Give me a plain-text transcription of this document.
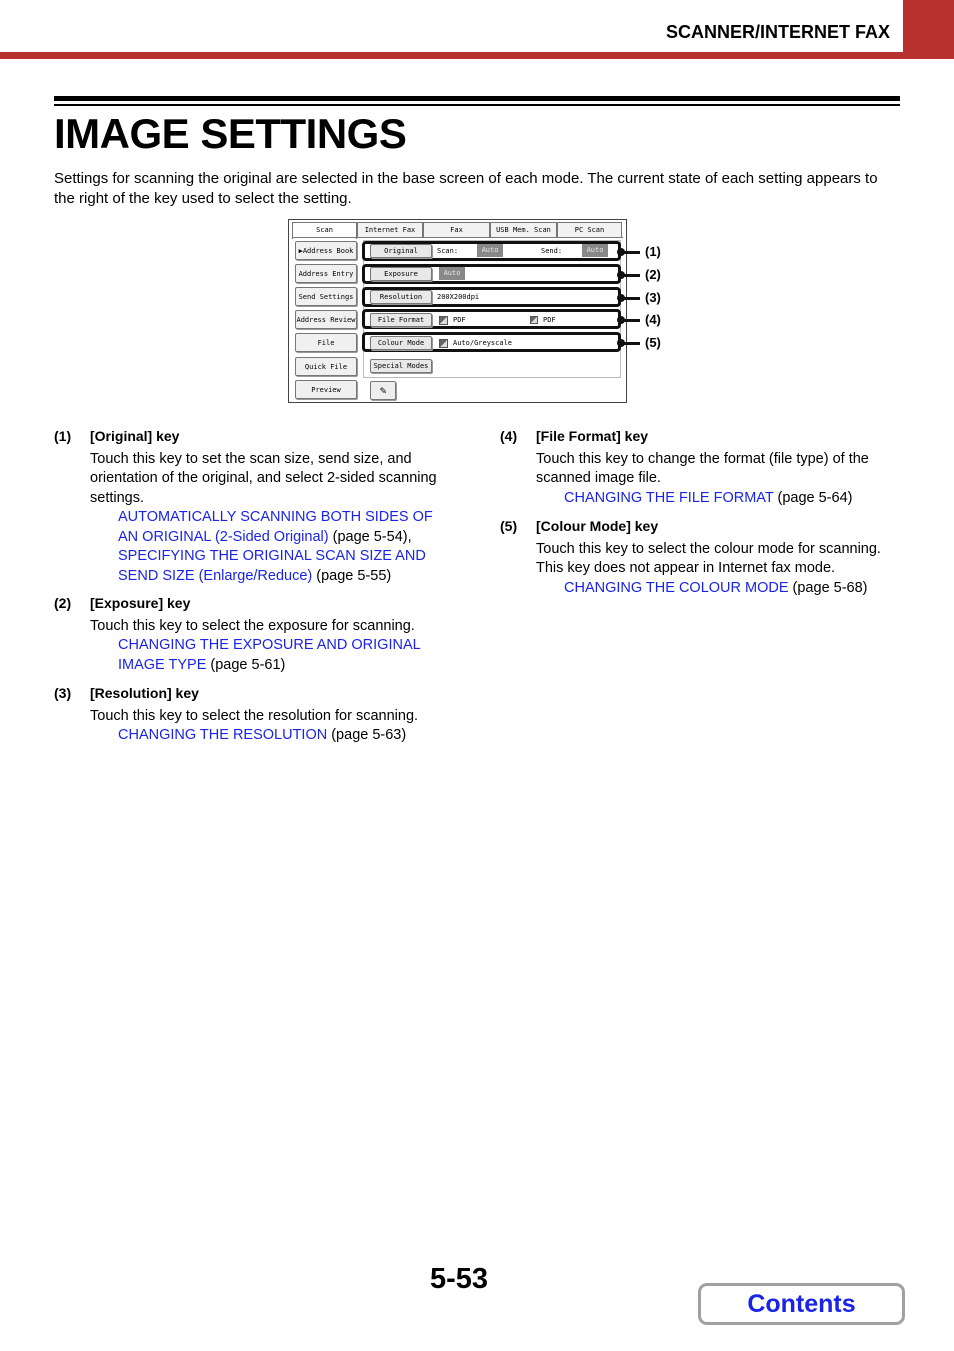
SCANNER/INTERNET FAX
IMAGE SETTINGS
Settings for scanning the original are selected in the base screen of each mode. The current state of each setting appears to the right of the key used to select the setting.
Scan	Internet Fax	Fax	USB Mem. Scan	PC Scan
▶Address Book
Address Entry
Send Settings
Address Review
File
Quick File
Preview
Original	Scan:	Auto	Send:	Auto
Exposure	Auto
Resolution	200X200dpi
File Format	PDF	PDF
Colour Mode	Auto/Greyscale
Special Modes
✎
(1)
(2)
(3)
(4)
(5)
(1) [Original] key
Touch this key to set the scan size, send size, and orientation of the original, and select 2-sided scanning settings.
AUTOMATICALLY SCANNING BOTH SIDES OF AN ORIGINAL (2-Sided Original) (page 5-54),
SPECIFYING THE ORIGINAL SCAN SIZE AND SEND SIZE (Enlarge/Reduce) (page 5-55)
(2) [Exposure] key
Touch this key to select the exposure for scanning.
CHANGING THE EXPOSURE AND ORIGINAL IMAGE TYPE (page 5-61)
(3) [Resolution] key
Touch this key to select the resolution for scanning.
CHANGING THE RESOLUTION (page 5-63)
(4) [File Format] key
Touch this key to change the format (file type) of the scanned image file.
CHANGING THE FILE FORMAT (page 5-64)
(5) [Colour Mode] key
Touch this key to select the colour mode for scanning. This key does not appear in Internet fax mode.
CHANGING THE COLOUR MODE (page 5-68)
5-53
Contents
